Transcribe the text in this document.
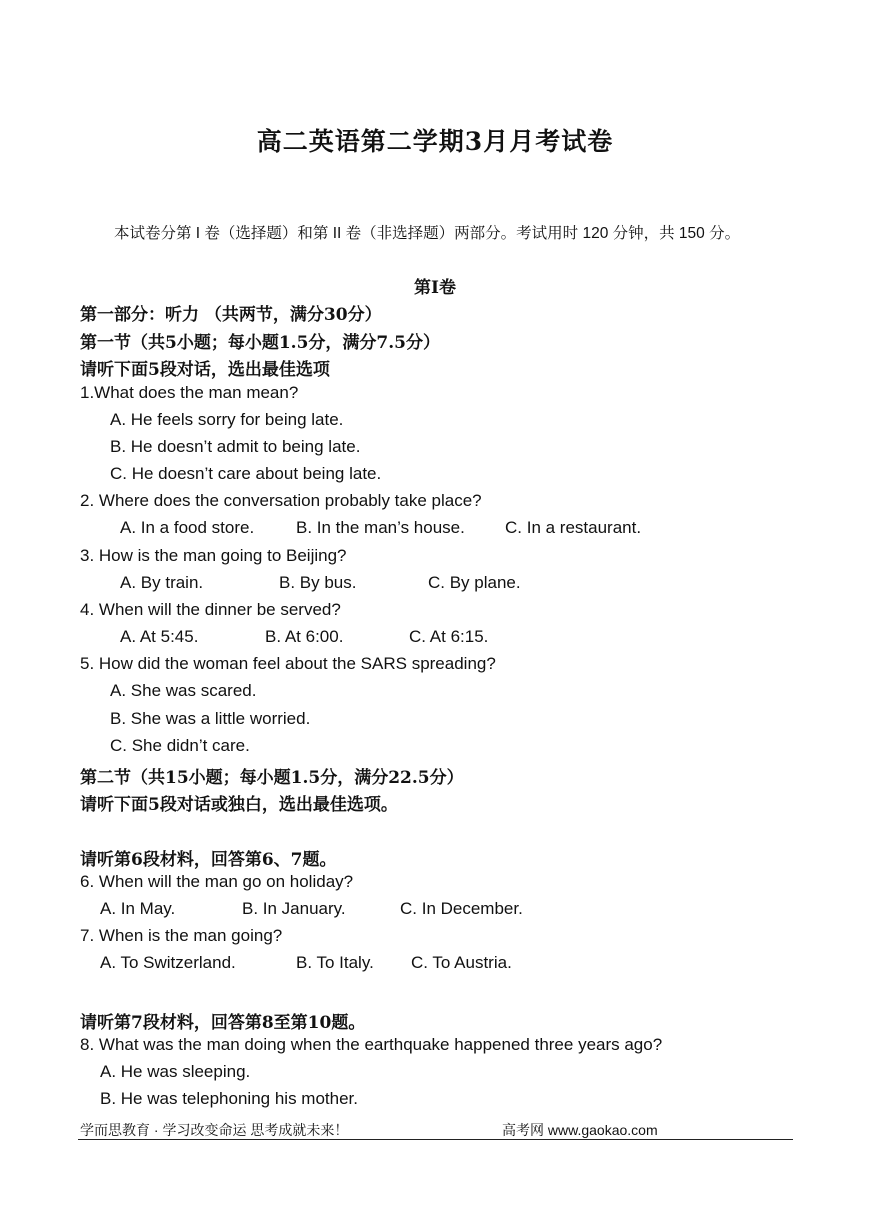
高二英语第二学期3月月考试卷
本试卷分第 I 卷（选择题）和第 II 卷（非选择题）两部分。考试用时 120 分钟，共 150 分。
第I卷
第一部分：听力 （共两节，满分30分）
第一节（共5小题；每小题1.5分，满分7.5分）
请听下面5段对话，选出最佳选项
1.What does the man mean?
A. He feels sorry for being late.
B. He doesn’t admit to being late.
C. He doesn’t care about being late.
2. Where does the conversation probably take place?
A. In a food store. B. In the man’s house. C. In a restaurant.
3. How is the man going to Beijing?
A. By train.	B. By bus.	C. By plane.
4. When will the dinner be served?
A. At 5:45.	B. At 6:00.	C. At 6:15.
5. How did the woman feel about the SARS spreading?
A. She was scared.
B. She was a little worried.
C. She didn’t care.
第二节（共15小题；每小题1.5分，满分22.5分）
请听下面5段对话或独白，选出最佳选项。
请听第6段材料，回答第6、7题。
6. When will the man go on holiday?
A. In May.	B. In January.	C. In December.
7. When is the man going?
A. To Switzerland.	B. To Italy. C. To Austria.
请听第7段材料，回答第8至第10题。
8. What was the man doing when the earthquake happened three years ago?
A. He was sleeping.
B. He was telephoning his mother.
学而思教育 · 学习改变命运 思考成就未来！	高考网 www.gaokao.com
